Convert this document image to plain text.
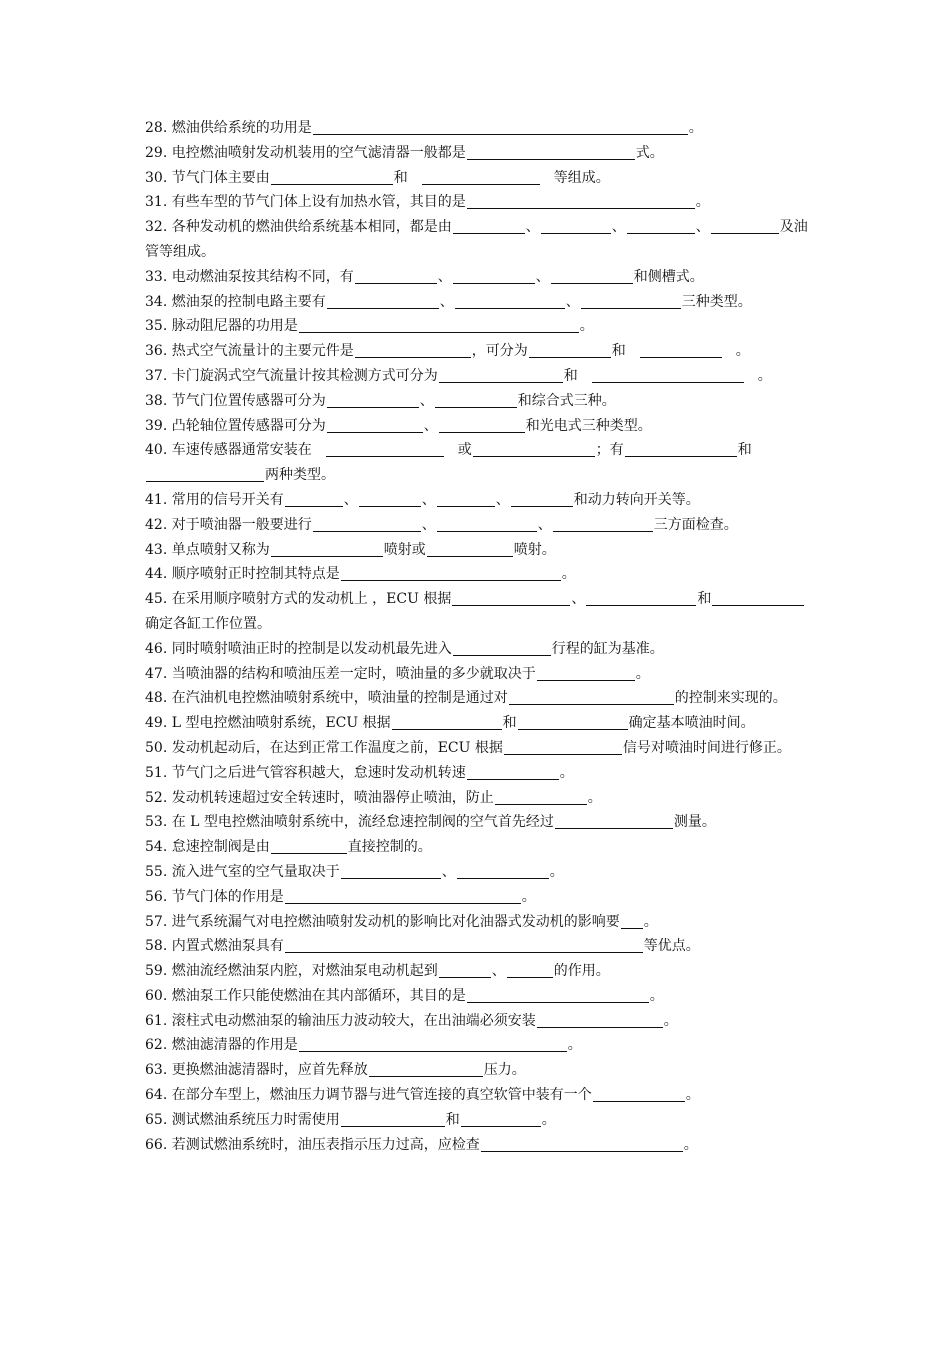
28. 燃油供给系统的功用是	。

29. 电控燃油喷射发动机装用的空气滤清器一般都是	式。

30. 节气门体主要由	和	等组成。

31. 有些车型的节气门体上设有加热水管，其目的是	。

32. 各种发动机的燃油供给系统基本相同，都是由	、	、	、	及油管等组成。

33. 电动燃油泵按其结构不同，有	、	、	和侧槽式。

34. 燃油泵的控制电路主要有	、	、	三种类型。

35. 脉动阻尼器的功用是	。

36. 热式空气流量计的主要元件是	，可分为	和	。

37. 卡门旋涡式空气流量计按其检测方式可分为	和	。

38. 节气门位置传感器可分为	、	和综合式三种。

39. 凸轮轴位置传感器可分为	、	和光电式三种类型。

40. 车速传感器通常安装在	或	；有	和两种类型。

41. 常用的信号开关有	、	、	、	和动力转向开关等。

42. 对于喷油器一般要进行	、	、	三方面检查。

43. 单点喷射又称为	喷射或	喷射。

44. 顺序喷射正时控制其特点是	。

45. 在采用顺序喷射方式的发动机上 ，ECU 根据	、	和确定各缸工作位置。

46. 同时喷射喷油正时的控制是以发动机最先进入	行程的缸为基准。

47. 当喷油器的结构和喷油压差一定时，喷油量的多少就取决于	。

48. 在汽油机电控燃油喷射系统中，喷油量的控制是通过对	的控制来实现的。

49. L 型电控燃油喷射系统，ECU 根据	和	确定基本喷油时间。

50. 发动机起动后，在达到正常工作温度之前，ECU 根据	信号对喷油时间进行修正。

51. 节气门之后进气管容积越大，怠速时发动机转速	。

52. 发动机转速超过安全转速时，喷油器停止喷油，防止	。

53. 在 L 型电控燃油喷射系统中，流经怠速控制阀的空气首先经过	测量。

54. 怠速控制阀是由	直接控制的。

55. 流入进气室的空气量取决于	、	。

56. 节气门体的作用是	。

57. 进气系统漏气对电控燃油喷射发动机的影响比对化油器式发动机的影响要 。

58. 内置式燃油泵具有	等优点。

59. 燃油流经燃油泵内腔，对燃油泵电动机起到	、	的作用。

60. 燃油泵工作只能使燃油在其内部循环，其目的是	。

61. 滚柱式电动燃油泵的输油压力波动较大，在出油端必须安装	。

62. 燃油滤清器的作用是	。

63. 更换燃油滤清器时，应首先释放	压力。

64. 在部分车型上，燃油压力调节器与进气管连接的真空软管中装有一个	。

65. 测试燃油系统压力时需使用	和	。

66. 若测试燃油系统时，油压表指示压力过高，应检查	。
